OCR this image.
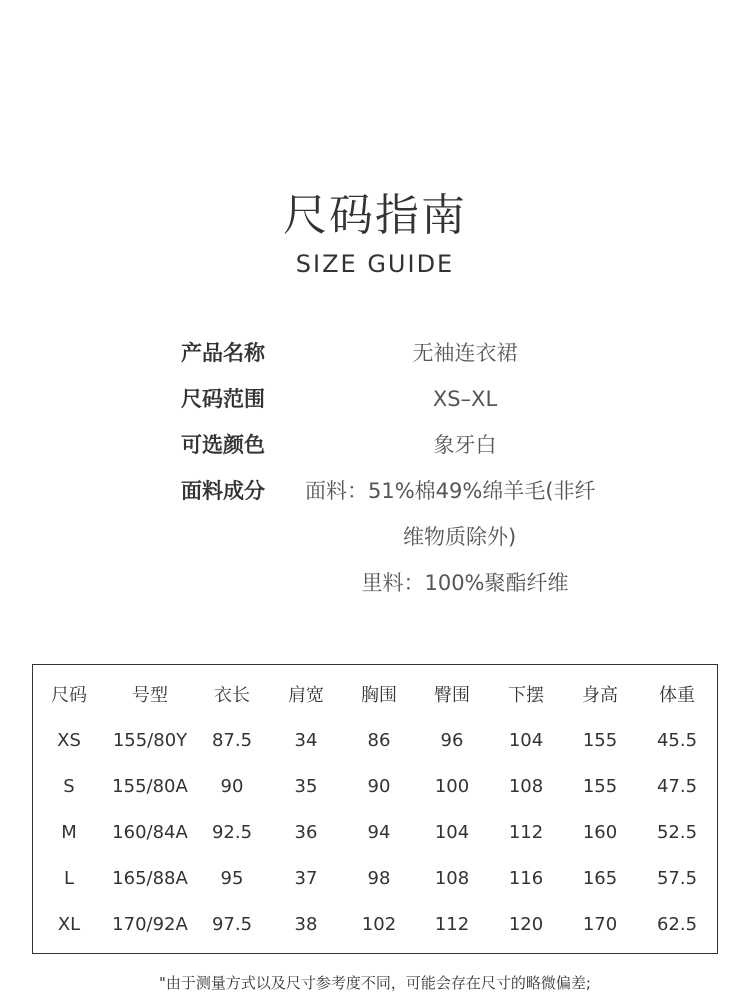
尺码指南
SIZE GUIDE
产品名称	无袖连衣裙
尺码范围	XS–XL
可选颜色	象牙白
面料成分 面料：51%棉49%绵羊毛(非纤
维物质除外)
里料：100%聚酯纤维
尺码	号型	衣长	肩宽	胸围	臀围	下摆	身高	体重
XS	155/80Y	87.5	34	86	96	104	155	45.5
S	155/80A	90	35	90	100	108	155	47.5
M	160/84A	92.5	36	94	104	112	160	52.5
L	165/88A	95	37	98	108	116	165	57.5
XL	170/92A	97.5	38	102	112	120	170	62.5
"由于测量方式以及尺寸参考度不同，可能会存在尺寸的略微偏差;
